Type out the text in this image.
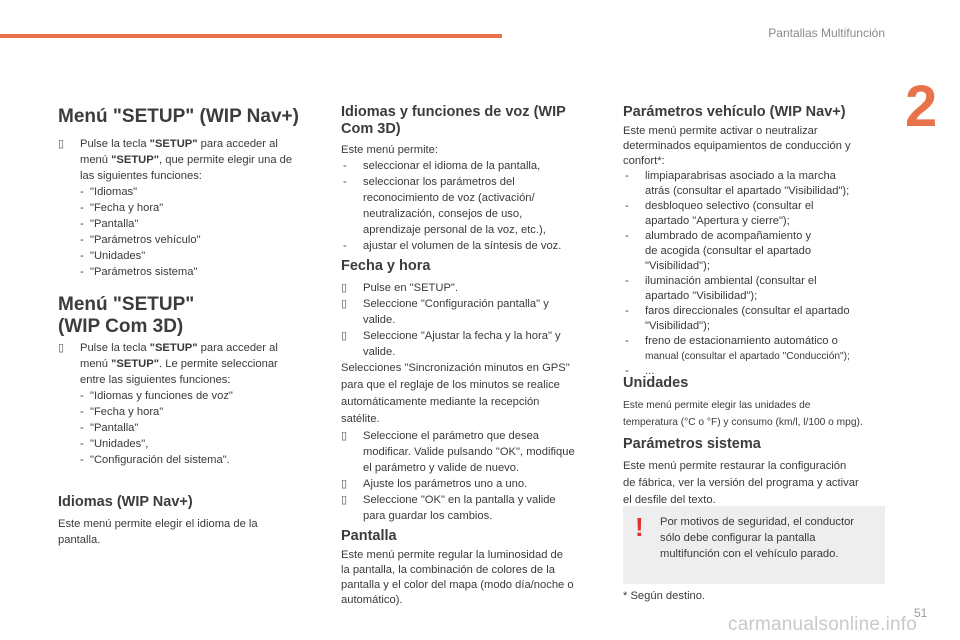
Pantallas Multifunción
2
Menú "SETUP" (WIP Nav+)
▯	Pulse la tecla "SETUP" para acceder al
menú "SETUP", que permite elegir una de
las siguientes funciones:
- "Idiomas"
- "Fecha y hora"
- "Pantalla"
- "Parámetros vehículo"
- "Unidades"
- "Parámetros sistema"
Menú "SETUP"
(WIP Com 3D)
▯	Pulse la tecla "SETUP" para acceder al
menú "SETUP". Le permite seleccionar
entre las siguientes funciones:
- "Idiomas y funciones de voz"
- "Fecha y hora"
- "Pantalla"
- "Unidades",
- "Configuración del sistema".
Idiomas (WIP Nav+)
Este menú permite elegir el idioma de la
pantalla.
Idiomas y funciones de voz (WIP
Com 3D)
Este menú permite:
- seleccionar el idioma de la pantalla,
- seleccionar los parámetros del
reconocimiento de voz (activación/
neutralización, consejos de uso,
aprendizaje personal de la voz, etc.),
- ajustar el volumen de la síntesis de voz.
Fecha y hora
▯	Pulse en "SETUP".
▯	Seleccione "Configuración pantalla" y
valide.
▯	Seleccione "Ajustar la fecha y la hora" y
valide.
Selecciones "Sincronización minutos en GPS"
para que el reglaje de los minutos se realice
automáticamente mediante la recepción
satélite.
▯	Seleccione el parámetro que desea
modificar. Valide pulsando "OK", modifique
el parámetro y valide de nuevo.
▯	Ajuste los parámetros uno a uno.
▯	Seleccione "OK" en la pantalla y valide
para guardar los cambios.
Pantalla
Este menú permite regular la luminosidad de
la pantalla, la combinación de colores de la
pantalla y el color del mapa (modo día/noche o
automático).
Parámetros vehículo (WIP Nav+)
Este menú permite activar o neutralizar
determinados equipamientos de conducción y
confort*:
- limpiaparabrisas asociado a la marcha
atrás (consultar el apartado "Visibilidad");
- desbloqueo selectivo (consultar el
apartado "Apertura y cierre");
- alumbrado de acompañamiento y
de acogida (consultar el apartado
"Visibilidad");
- iluminación ambiental (consultar el
apartado "Visibilidad");
- faros direccionales (consultar el apartado
"Visibilidad");
- freno de estacionamiento automático o
manual (consultar el apartado "Conducción");
- ...
Unidades
Este menú permite elegir las unidades de
temperatura (°C o °F) y consumo (km/l, l/100 o mpg).
Parámetros sistema
Este menú permite restaurar la configuración
de fábrica, ver la versión del programa y activar
el desfile del texto.
* Según destino.
! Por motivos de seguridad, el conductor
sólo debe configurar la pantalla
multifunción con el vehículo parado.
51
carmanualsonline.info
